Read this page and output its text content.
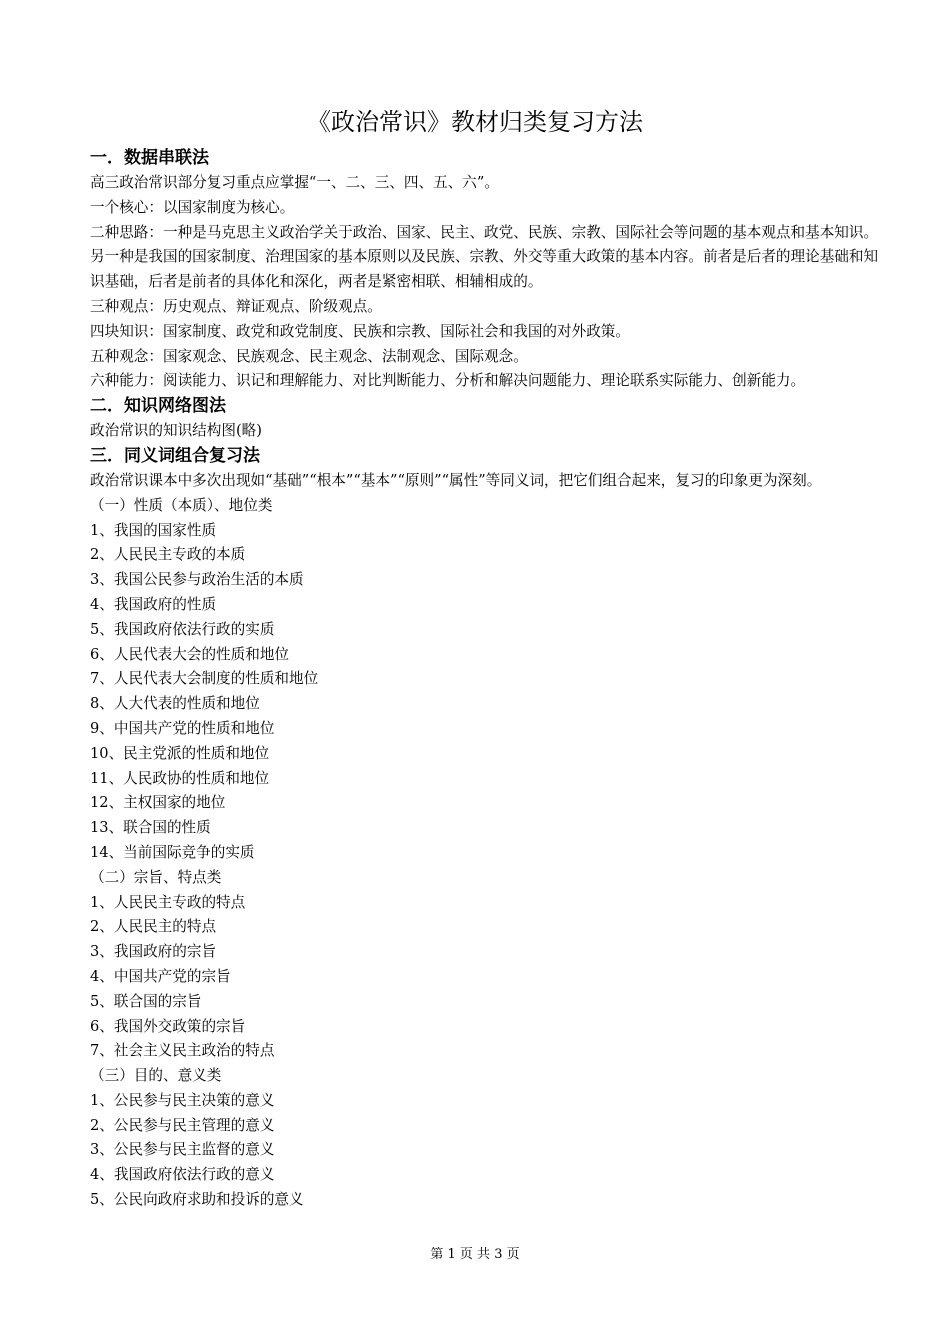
《政治常识》教材归类复习方法
一．数据串联法
高三政治常识部分复习重点应掌握“一、二、三、四、五、六”。
一个核心：以国家制度为核心。
二种思路：一种是马克思主义政治学关于政治、国家、民主、政党、民族、宗教、国际社会等问题的基本观点和基本知识。另一种是我国的国家制度、治理国家的基本原则以及民族、宗教、外交等重大政策的基本内容。前者是后者的理论基础和知识基础，后者是前者的具体化和深化，两者是紧密相联、相辅相成的。
三种观点：历史观点、辩证观点、阶级观点。
四块知识：国家制度、政党和政党制度、民族和宗教、国际社会和我国的对外政策。
五种观念：国家观念、民族观念、民主观念、法制观念、国际观念。
六种能力：阅读能力、识记和理解能力、对比判断能力、分析和解决问题能力、理论联系实际能力、创新能力。
二．知识网络图法
政治常识的知识结构图(略)
三．同义词组合复习法
政治常识课本中多次出现如“基础”“根本”“基本”“原则”“属性”等同义词，把它们组合起来，复习的印象更为深刻。
（一）性质（本质）、地位类
1、我国的国家性质
2、人民民主专政的本质
3、我国公民参与政治生活的本质
4、我国政府的性质
5、我国政府依法行政的实质
6、人民代表大会的性质和地位
7、人民代表大会制度的性质和地位
8、人大代表的性质和地位
9、中国共产党的性质和地位
10、民主党派的性质和地位
11、人民政协的性质和地位
12、主权国家的地位
13、联合国的性质
14、当前国际竞争的实质
（二）宗旨、特点类
1、人民民主专政的特点
2、人民民主的特点
3、我国政府的宗旨
4、中国共产党的宗旨
5、联合国的宗旨
6、我国外交政策的宗旨
7、社会主义民主政治的特点
（三）目的、意义类
1、公民参与民主决策的意义
2、公民参与民主管理的意义
3、公民参与民主监督的意义
4、我国政府依法行政的意义
5、公民向政府求助和投诉的意义
第 1 页 共 3 页
